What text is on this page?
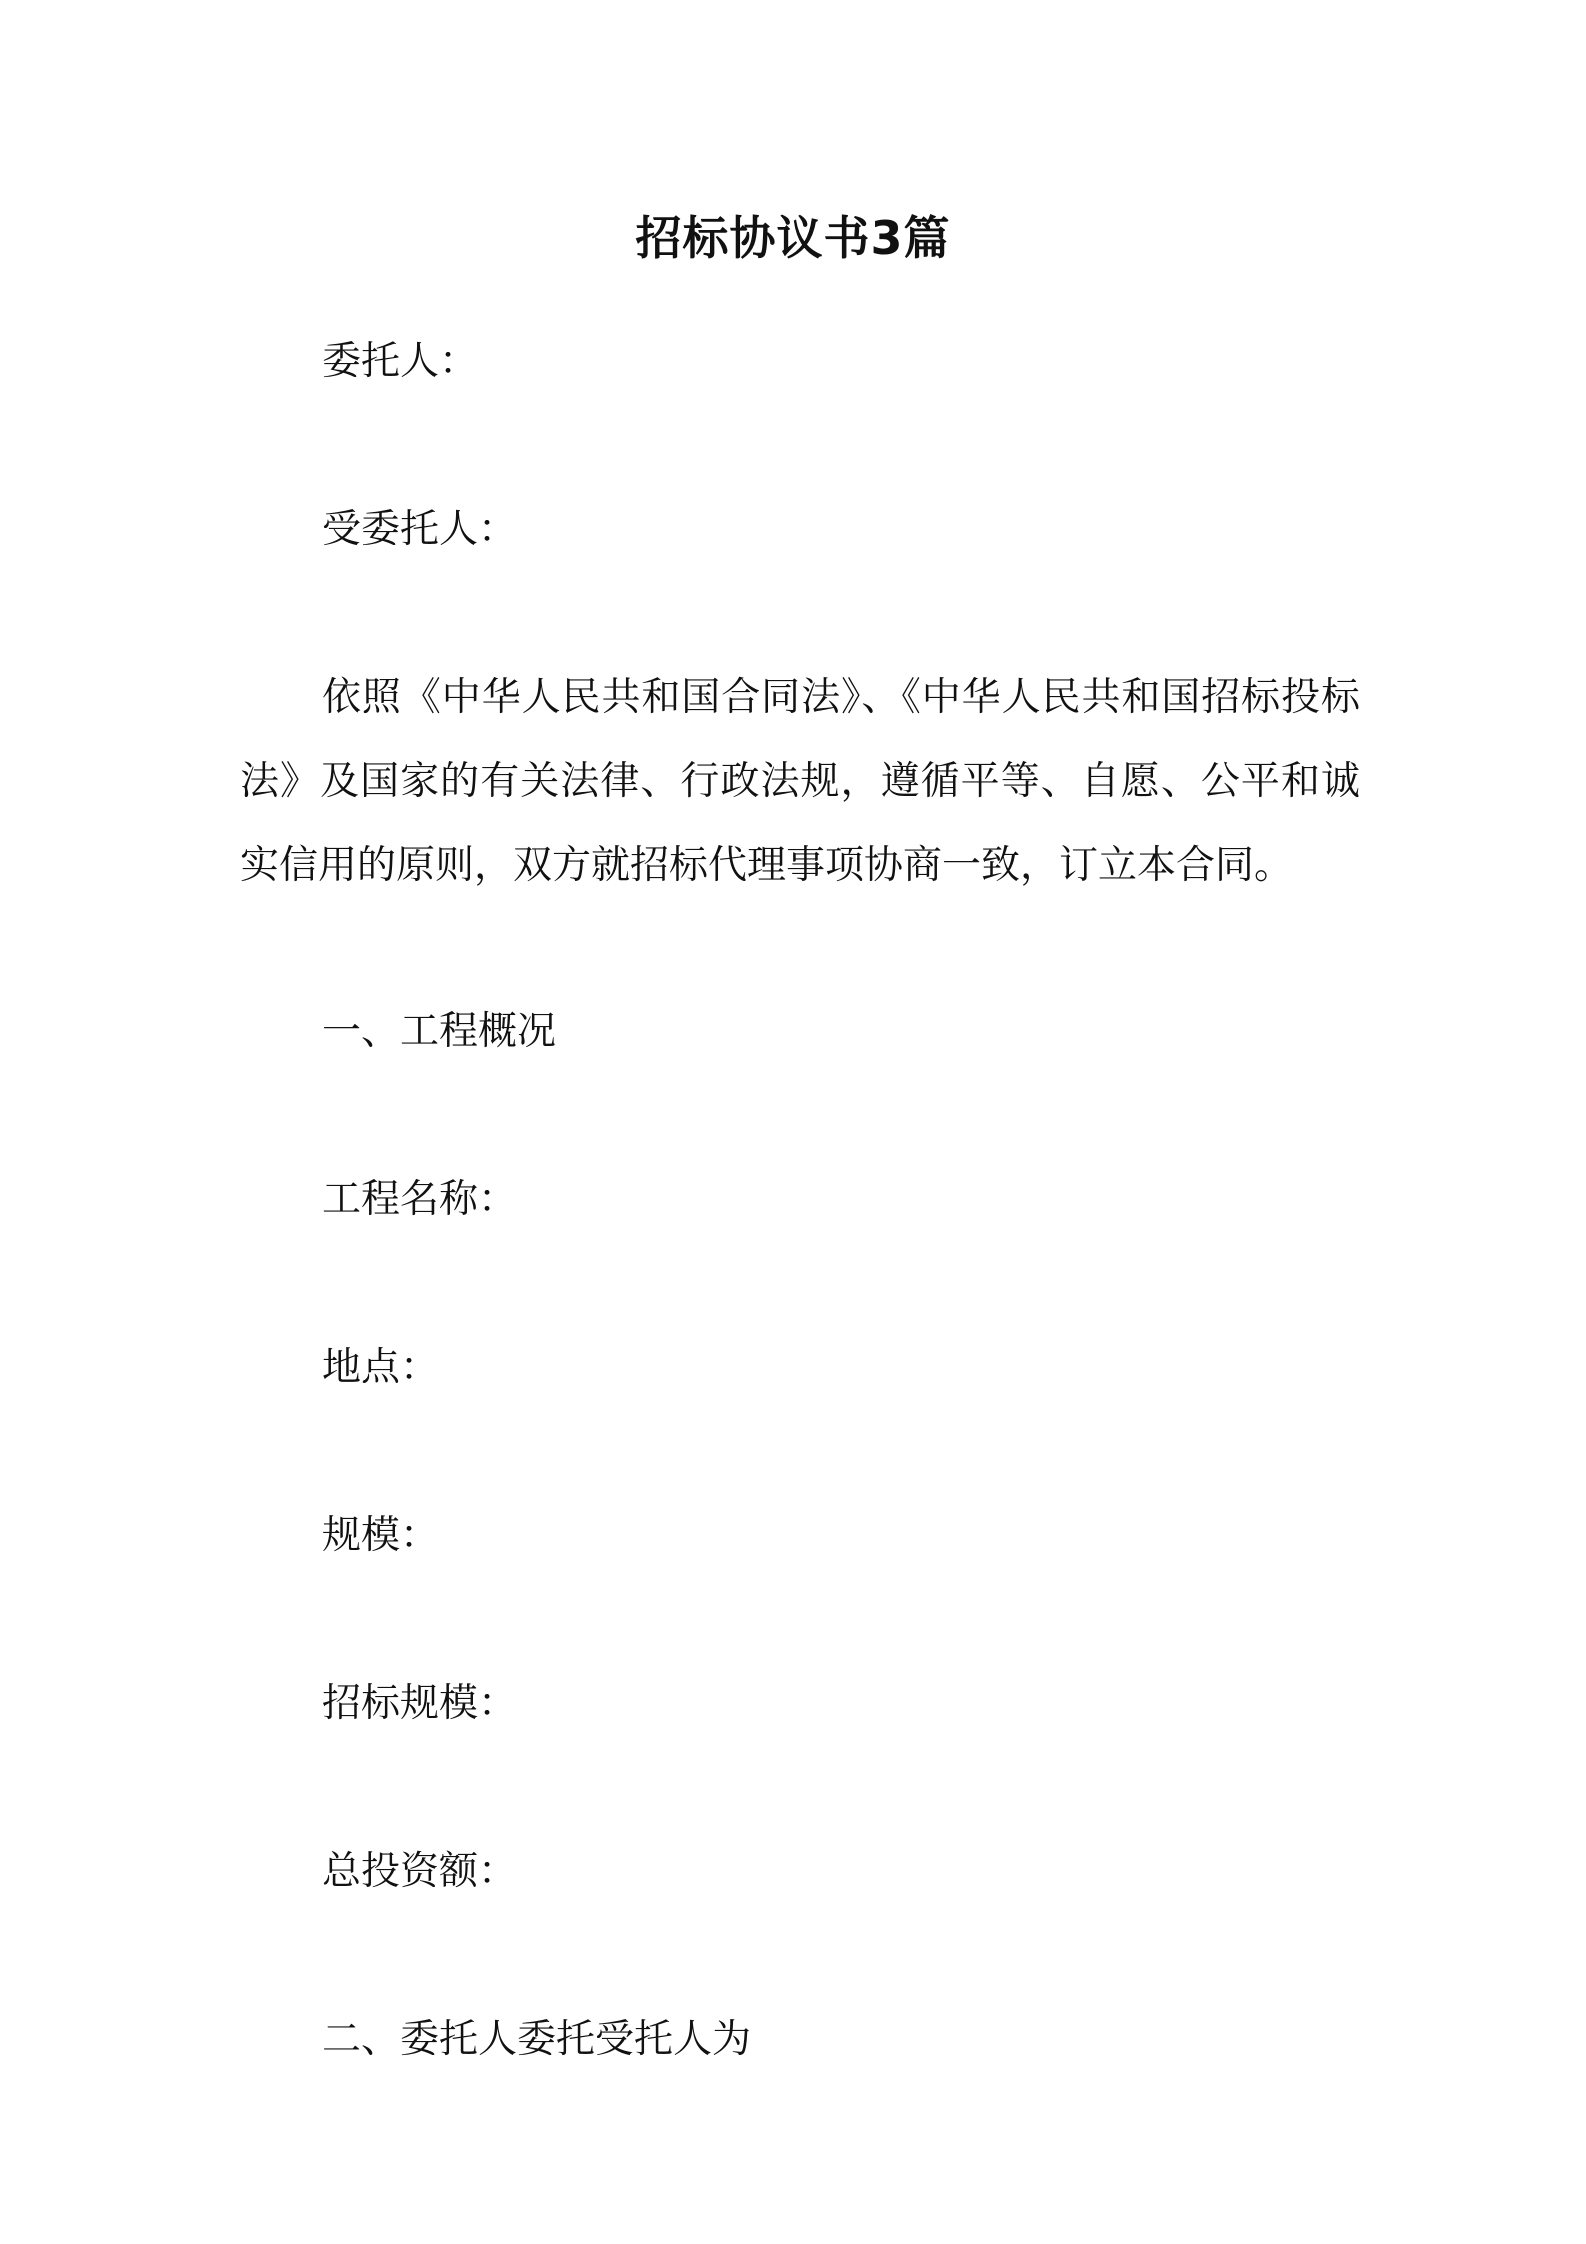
招标协议书3篇
委托人：
受委托人：

依照《中华人民共和国合同法》、《中华人民共和国招标投标法》及国家的有关法律、行政法规，遵循平等、自愿、公平和诚实信用的原则，双方就招标代理事项协商一致，订立本合同。

一、工程概况
工程名称：
地点：
规模：
招标规模：
总投资额：
二、委托人委托受托人为
